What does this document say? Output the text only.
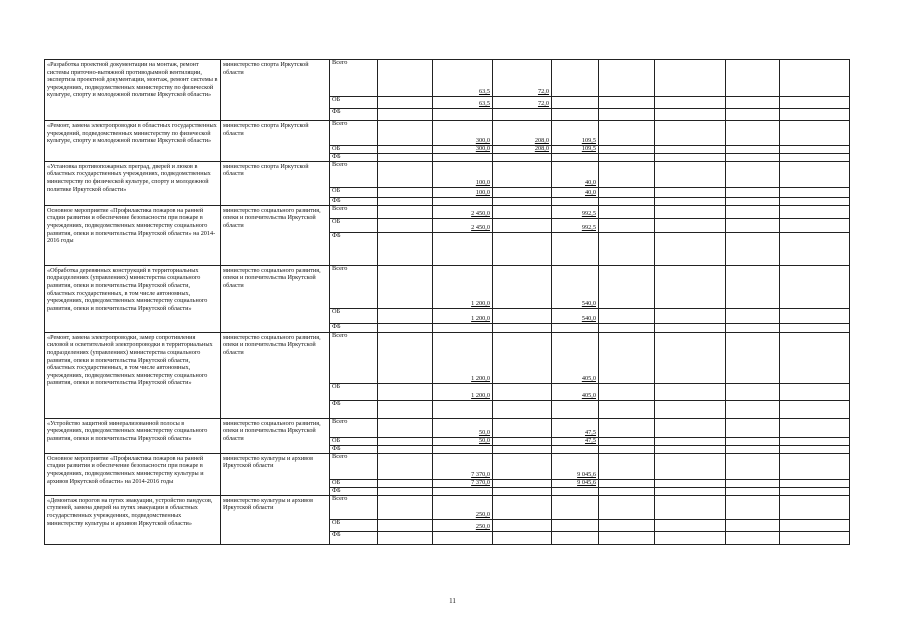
«Разработка проектной документации на монтаж, ремонт системы приточно-вытяжной противодымной вентиляции, экспертиза проектной документации, монтаж, ремонт системы в учреждениях, подведомственных министерству по физической культуре, спорту и молодежной политике Иркутской области»	министерство спорта Иркутской области	Всего		63,5	72,0					
		ОБ		63,5	72,0					
		ФБ								
«Ремонт, замена электропроводки в областных государственных учреждений, подведомственных министерству по физической культуре, спорту и молодежной политике Иркутской области»	министерство спорта Иркутской области	Всего		300,0	208,0	109,5				
		ОБ		300,0	208,0	109,5				
		ФБ								
«Установка противопожарных преград, дверей и люков в областных государственных учреждениях, подведомственных министерству по физической культуре, спорту и молодежной политике Иркутской области»	министерство спорта Иркутской области	Всего		100,0		40,0				
		ОБ		100,0		40,0				
		ФБ								
Основное мероприятие «Профилактика пожаров на ранней стадии развития и обеспечение безопасности при пожаре в учреждениях, подведомственных министерству социального развития, опеки и попечительства Иркутской области» на 2014-2016 годы	министерство социального развития, опеки и попечительства Иркутской области	Всего		2 450,0		992,5				
		ОБ		2 450,0		992,5				
		ФБ								
«Обработка деревянных конструкций в территориальных подразделениях (управлениях) министерства социального развития, опеки и попечительства Иркутской области, областных государственных, в том числе автономных, учреждениях, подведомственных министерству социального развития, опеки и попечительства Иркутской области»	министерство социального развития, опеки и попечительства Иркутской области	Всего		1 200,0		540,0				
		ОБ		1 200,0		540,0				
		ФБ								
«Ремонт, замена электропроводки, замер сопротивления силовой и осветительной электропроводки в территориальных подразделениях (управлениях) министерства социального развития, опеки и попечительства Иркутской области, областных государственных, в том числе автономных, учреждениях, подведомственных министерству социального развития, опеки и попечительства Иркутской области»	министерство социального развития, опеки и попечительства Иркутской области	Всего		1 200,0		405,0				
		ОБ		1 200,0		405,0				
		ФБ								
«Устройство защитной минерализованной полосы в учреждениях, подведомственных министерству социального развития, опеки и попечительства Иркутской области»	министерство социального развития, опеки и попечительства Иркутской области	Всего		50,0		47,5				
		ОБ		50,0		47,5				
		ФБ								
Основное мероприятие «Профилактика пожаров на ранней стадии развития и обеспечение безопасности при пожаре в учреждениях, подведомственных министерству культуры и архивов Иркутской области» на 2014-2016 годы	министерство культуры и архивов Иркутской области	Всего		7 370,0		9 045,6				
		ОБ		7 370,0		9 045,6				
		ФБ								
«Демонтаж порогов на путях эвакуации, устройство пандусов, ступеней, замена дверей на путях эвакуации в областных государственных учреждениях, подведомственных министерству культуры и архивов Иркутской области»	министерство культуры и архивов Иркутской области	Всего		250,0						
		ОБ		250,0						
		ФБ								
11
